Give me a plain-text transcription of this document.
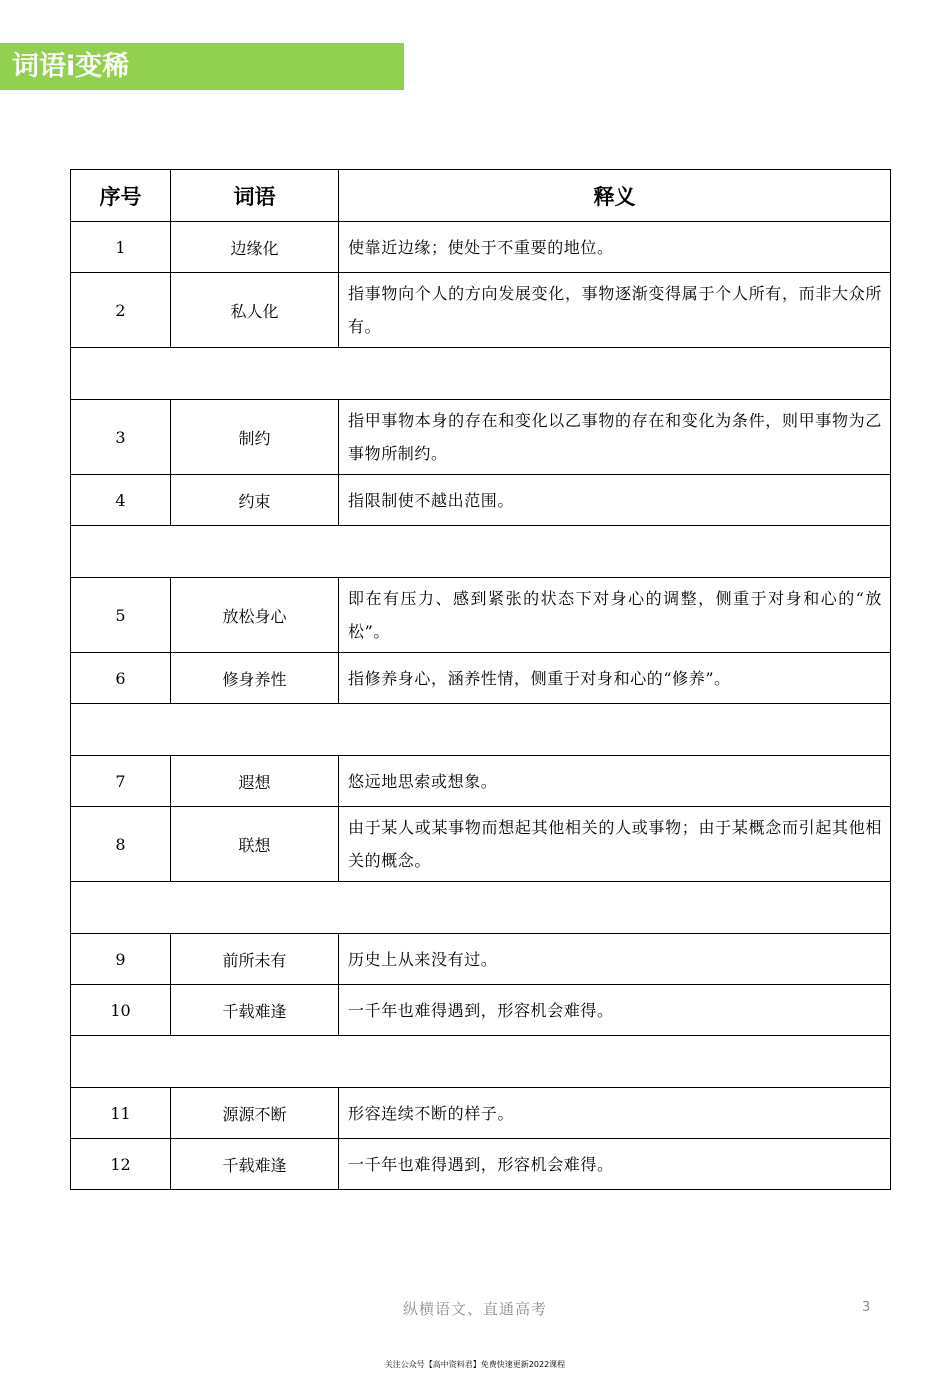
词语i变稀
序号	词语	释义
1	边缘化	使靠近边缘；使处于不重要的地位。
2	私人化	指事物向个人的方向发展变化，事物逐渐变得属于个人所有，而非大众所有。

3	制约	指甲事物本身的存在和变化以乙事物的存在和变化为条件，则甲事物为乙事物所制约。
4	约束	指限制使不越出范围。

5	放松身心	即在有压力、感到紧张的状态下对身心的调整，侧重于对身和心的“放松”。
6	修身养性	指修养身心，涵养性情，侧重于对身和心的“修养”。

7	遐想	悠远地思索或想象。
8	联想	由于某人或某事物而想起其他相关的人或事物；由于某概念而引起其他相关的概念。

9	前所未有	历史上从来没有过。
10	千载难逢	一千年也难得遇到，形容机会难得。

11	源源不断	形容连续不断的样子。
12	千载难逢	一千年也难得遇到，形容机会难得。
纵横语文、直通高考	3
关注公众号【高中资料君】免费快速更新2022课程
